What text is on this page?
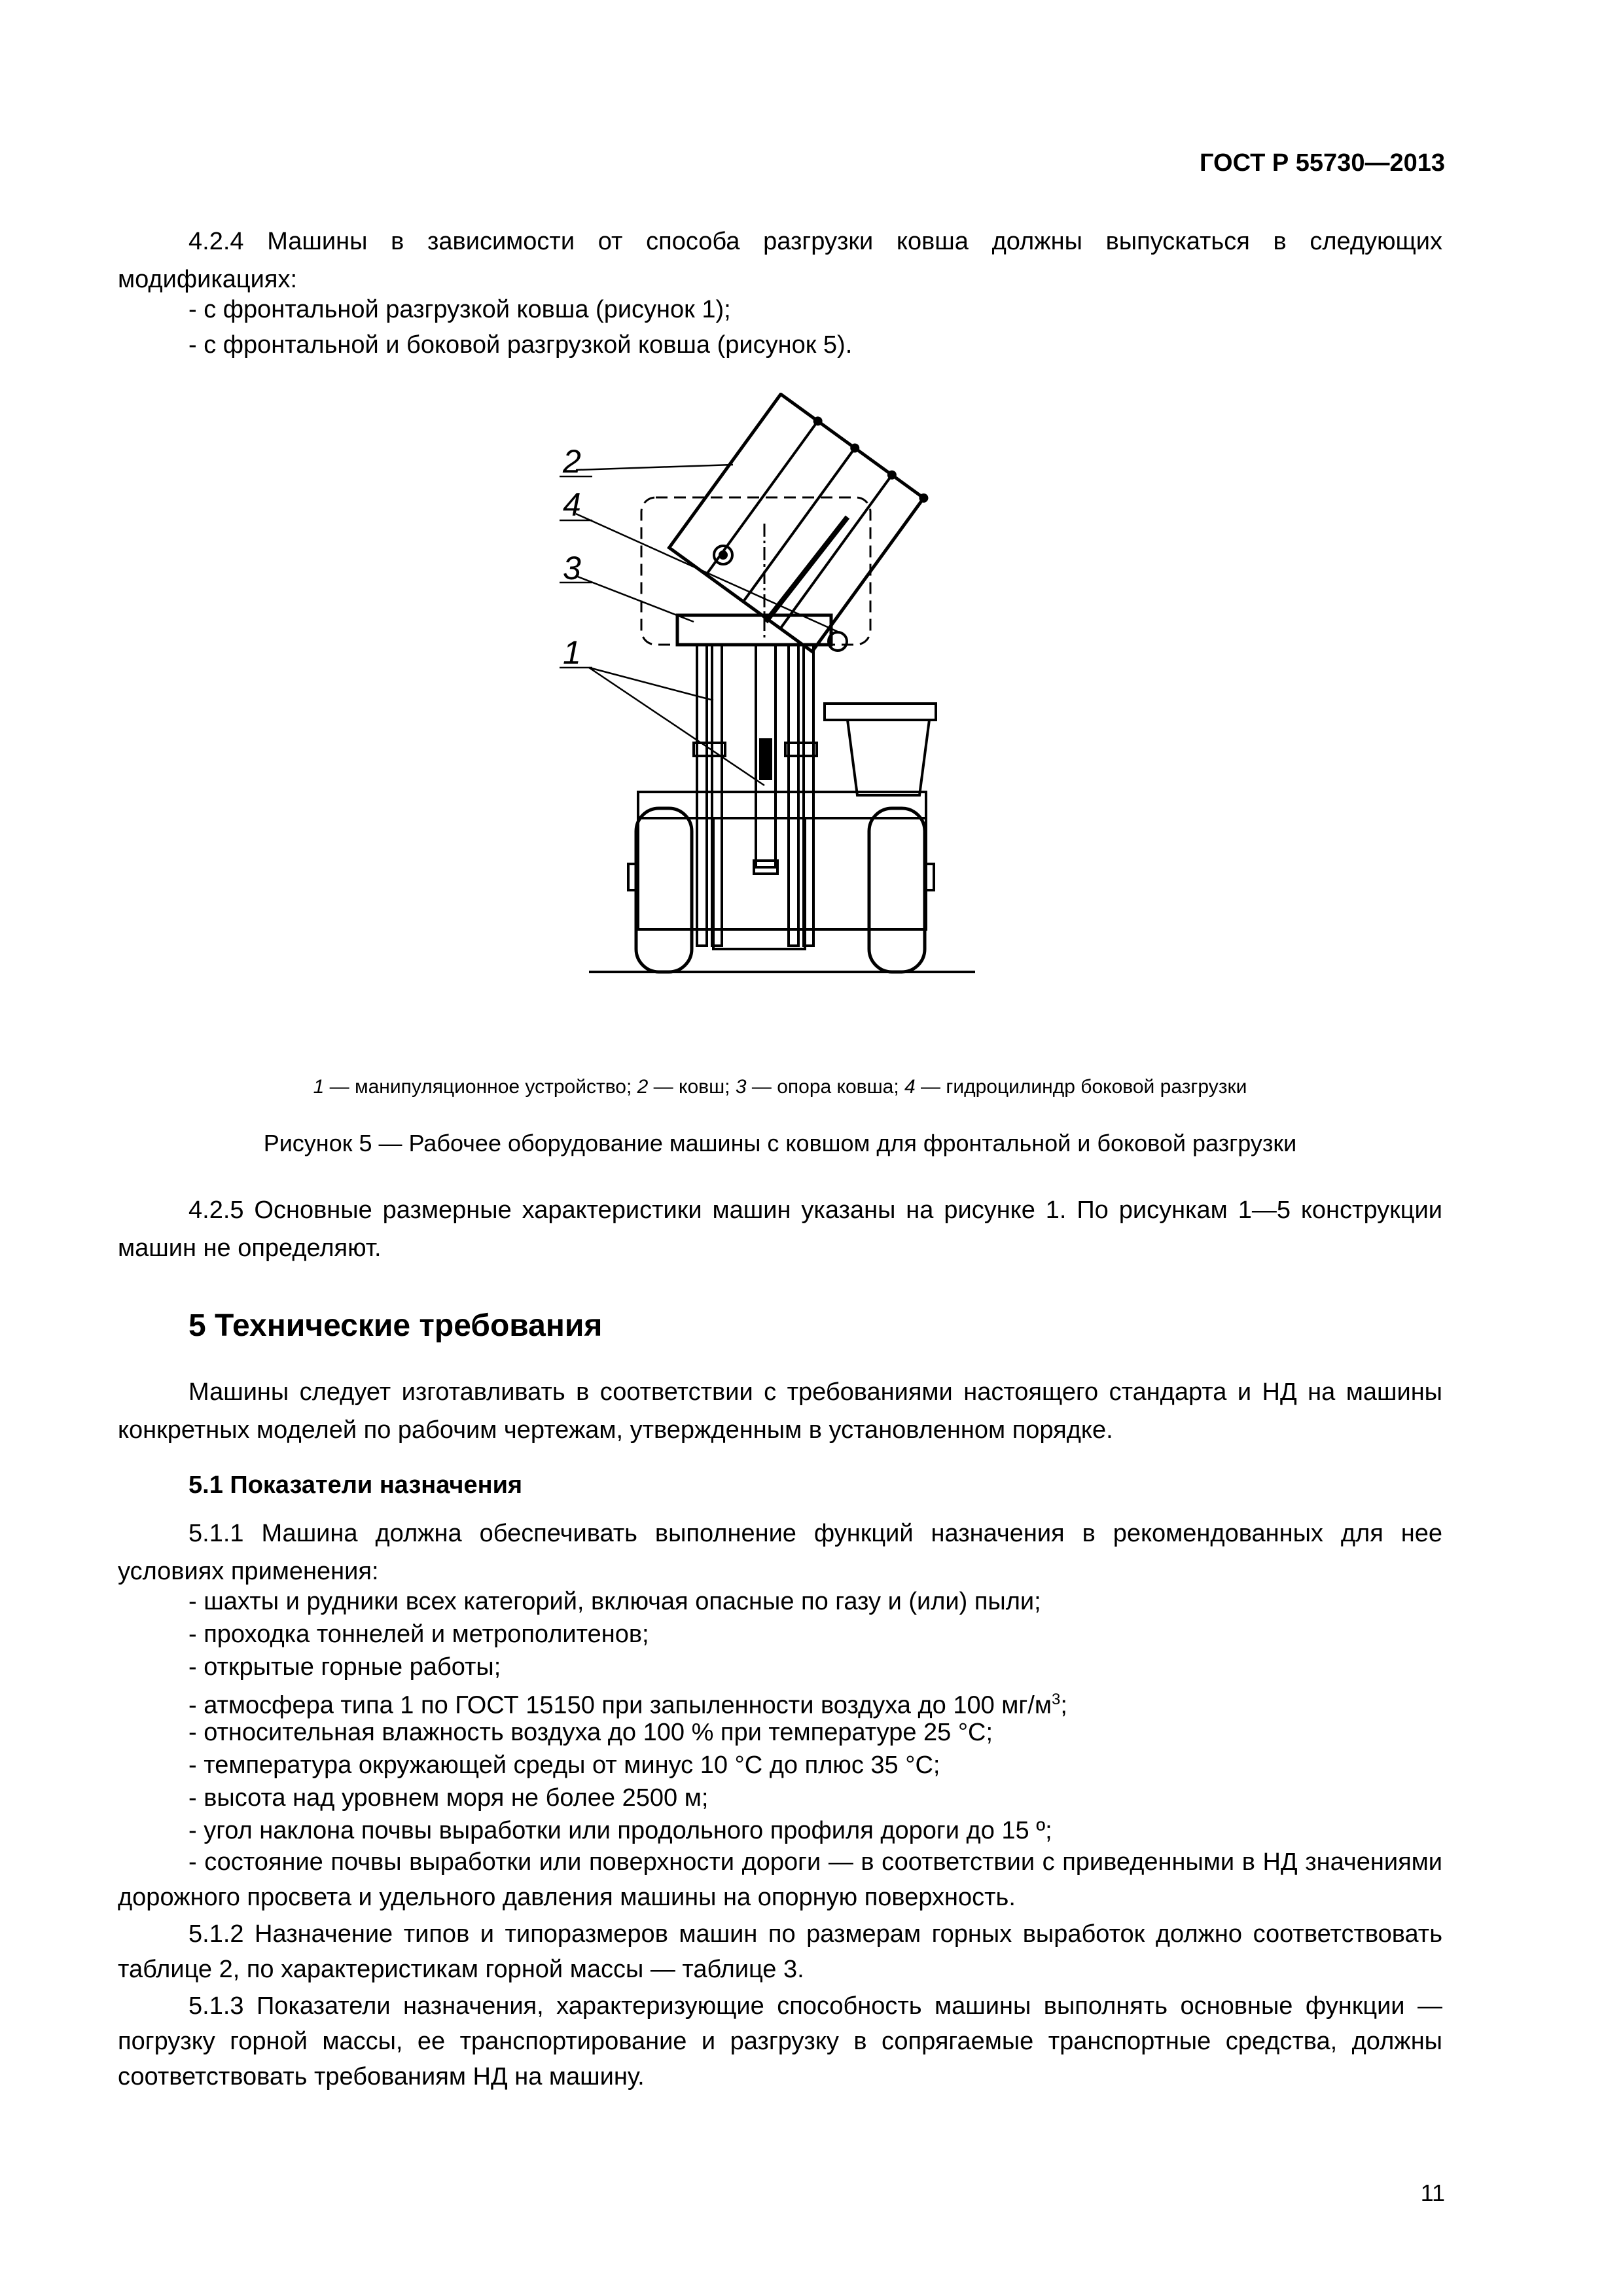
ГОСТ Р 55730—2013
4.2.4 Машины в зависимости от способа разгрузки ковша должны выпускаться в следующих модификациях:
- с фронтальной разгрузкой ковша (рисунок 1);
- с фронтальной и боковой разгрузкой ковша (рисунок 5).
2
4
3
1
1 — манипуляционное устройство; 2 — ковш; 3 — опора ковша; 4 — гидроцилиндр боковой разгрузки
Рисунок 5 — Рабочее оборудование машины с ковшом для фронтальной и боковой разгрузки
4.2.5 Основные размерные характеристики машин указаны на рисунке 1. По рисункам 1—5 конструкции машин не определяют.
5 Технические требования
Машины следует изготавливать в соответствии с требованиями настоящего стандарта и НД на машины конкретных моделей по рабочим чертежам, утвержденным в установленном порядке.
5.1 Показатели назначения
5.1.1 Машина должна обеспечивать выполнение функций назначения в рекомендованных для нее условиях применения:
- шахты и рудники всех категорий, включая опасные по газу и (или) пыли;
- проходка тоннелей и метрополитенов;
- открытые горные работы;
- атмосфера типа 1 по ГОСТ 15150 при запыленности воздуха до 100 $мг/м^3$;
- относительная влажность воздуха до 100 % при температуре 25 °С;
- температура окружающей среды от минус 10 °С до плюс 35 °С;
- высота над уровнем моря не более 2500 м;
- угол наклона почвы выработки или продольного профиля дороги до 15 º;
- состояние почвы выработки или поверхности дороги — в соответствии с приведенными в НД значениями дорожного просвета и удельного давления машины на опорную поверхность.
5.1.2 Назначение типов и типоразмеров машин по размерам горных выработок должно соответствовать таблице 2, по характеристикам горной массы — таблице 3.
5.1.3 Показатели назначения, характеризующие способность машины выполнять основные функции — погрузку горной массы, ее транспортирование и разгрузку в сопрягаемые транспортные средства, должны соответствовать требованиям НД на машину.
11
